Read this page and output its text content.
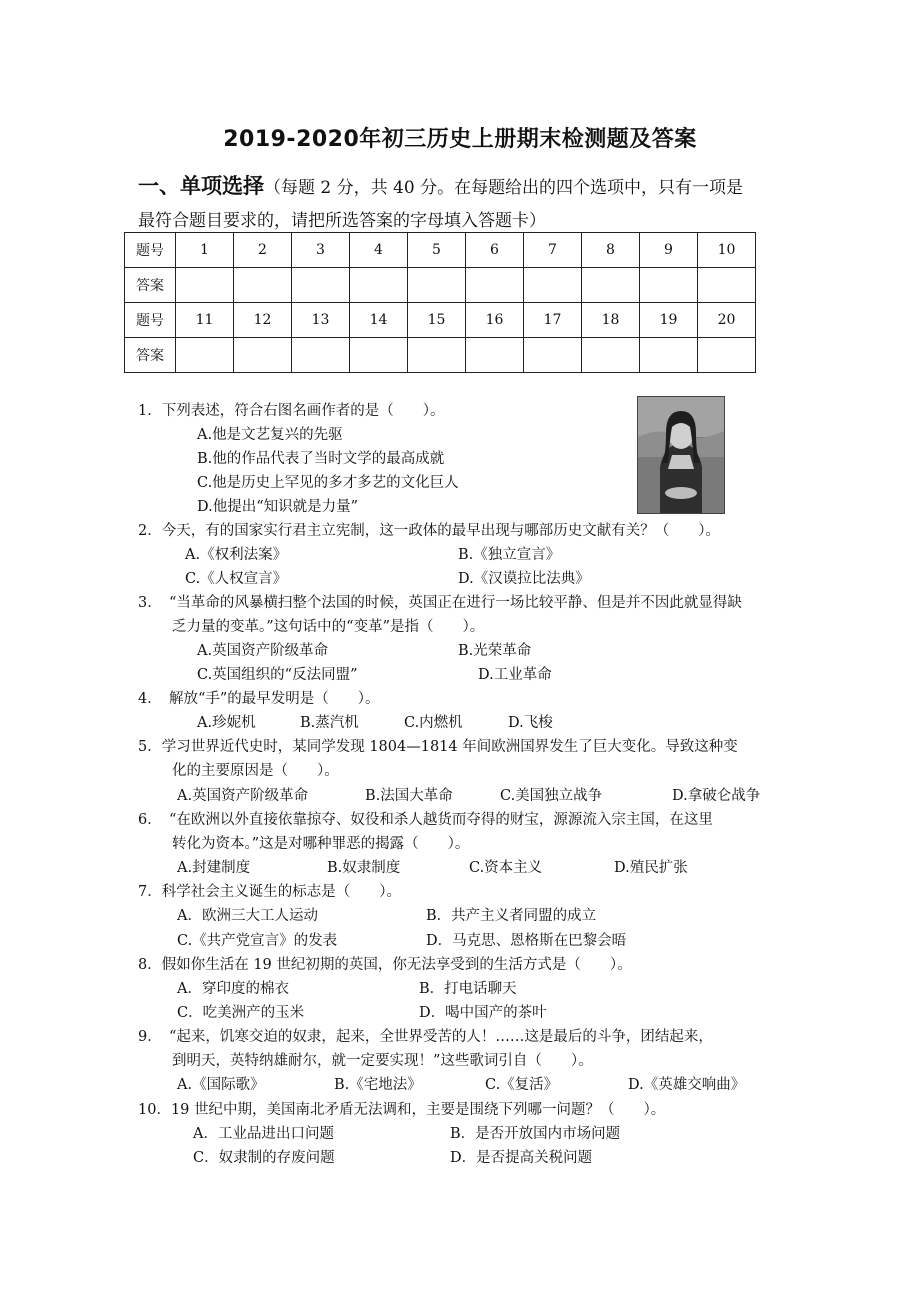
2019-2020年初三历史上册期末检测题及答案
一、单项选择（每题 2 分，共 40 分。在每题给出的四个选项中，只有一项是
最符合题目要求的，请把所选答案的字母填入答题卡）
题号	1	2	3	4	5	6	7	8	9	10
答案										
题号	11	12	13	14	15	16	17	18	19	20
答案										
1．下列表述，符合右图名画作者的是（　　）。
A.他是文艺复兴的先驱
B.他的作品代表了当时文学的最高成就
C.他是历史上罕见的多才多艺的文化巨人
D.他提出“知识就是力量”
2．今天，有的国家实行君主立宪制，这一政体的最早出现与哪部历史文献有关？（　　）。
A.《权利法案》	B.《独立宣言》
C.《人权宣言》	D.《汉谟拉比法典》
3．　“当革命的风暴横扫整个法国的时候，英国正在进行一场比较平静、但是并不因此就显得缺
乏力量的变革。”这句话中的“变革”是指（　　）。
A.英国资产阶级革命	B.光荣革命
C.英国组织的“反法同盟”	D.工业革命
4．　解放“手”的最早发明是（　　）。
A.珍妮机	B.蒸汽机	C.内燃机	D.飞梭
5．学习世界近代史时，某同学发现 1804—1814 年间欧洲国界发生了巨大变化。导致这种变
化的主要原因是（　　）。
A.英国资产阶级革命	B.法国大革命	C.美国独立战争	D.拿破仑战争
6．　“在欧洲以外直接依靠掠夺、奴役和杀人越货而夺得的财宝，源源流入宗主国，在这里
转化为资本。”这是对哪种罪恶的揭露（　　）。
A.封建制度	B.奴隶制度	C.资本主义	D.殖民扩张
7．科学社会主义诞生的标志是（　　）。
A．欧洲三大工人运动	B．共产主义者同盟的成立
C.《共产党宣言》的发表	D．马克思、恩格斯在巴黎会晤
8．假如你生活在 19 世纪初期的英国，你无法享受到的生活方式是（　　）。
A．穿印度的棉衣	B．打电话聊天
C．吃美洲产的玉米	D．喝中国产的茶叶
9．　“起来，饥寒交迫的奴隶，起来，全世界受苦的人！……这是最后的斗争，团结起来，
到明天，英特纳雄耐尔，就一定要实现！”这些歌词引自（　　）。
A.《国际歌》	B.《宅地法》	C.《复活》	D.《英雄交响曲》
10．19 世纪中期，美国南北矛盾无法调和，主要是围绕下列哪一问题？（　　）。
A．工业品进出口问题	B．是否开放国内市场问题
C．奴隶制的存废问题	D．是否提高关税问题
